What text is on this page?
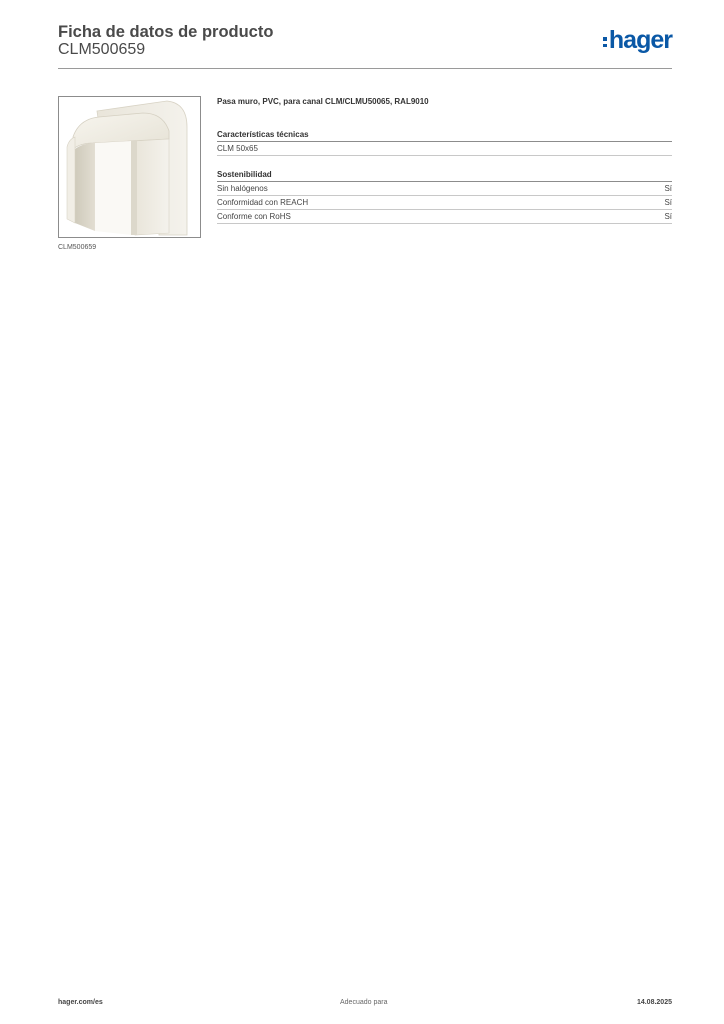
Ficha de datos de producto
CLM500659	hager
CLM500659
Pasa muro, PVC, para canal CLM/CLMU50065, RAL9010
Características técnicas
CLM 50x65
Sostenibilidad
Sin halógenos	Sí
Conformidad con REACH	Sí
Conforme con RoHS	Sí
hager.com/es	Adecuado para	14.08.2025
